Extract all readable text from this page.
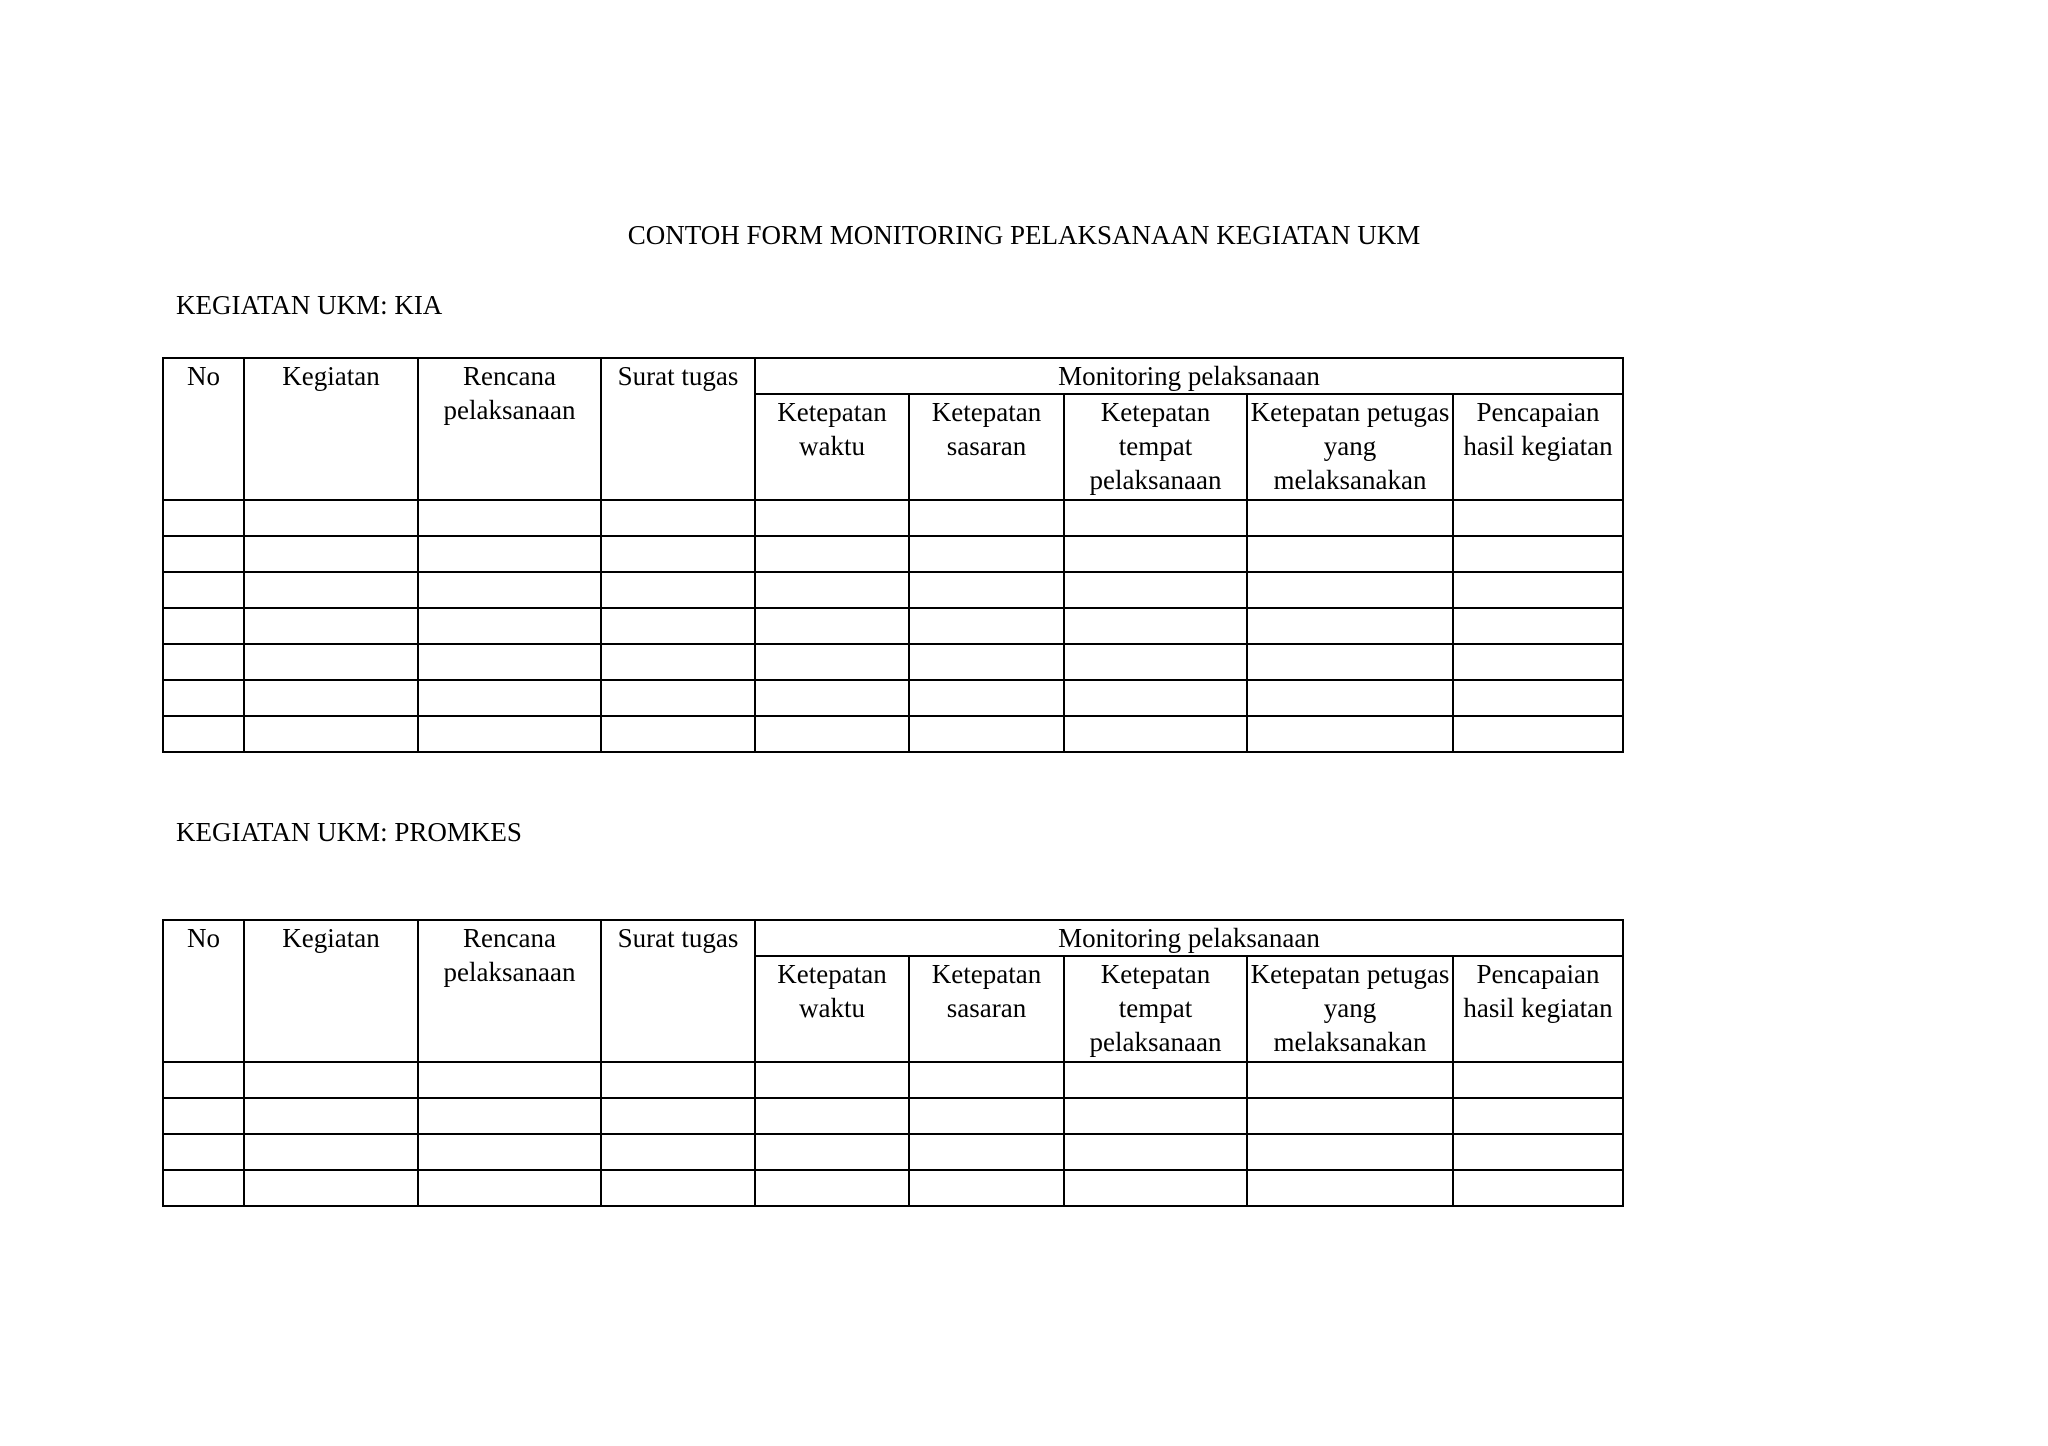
CONTOH FORM MONITORING PELAKSANAAN KEGIATAN UKM
KEGIATAN UKM: KIA
No	Kegiatan	Rencana pelaksanaan	Surat tugas	Monitoring pelaksanaan				
				Ketepatan waktu	Ketepatan sasaran	Ketepatan tempat pelaksanaan	Ketepatan petugas yang melaksanakan	Pencapaian hasil kegiatan

KEGIATAN UKM: PROMKES
No	Kegiatan	Rencana pelaksanaan	Surat tugas	Monitoring pelaksanaan				
				Ketepatan waktu	Ketepatan sasaran	Ketepatan tempat pelaksanaan	Ketepatan petugas yang melaksanakan	Pencapaian hasil kegiatan
